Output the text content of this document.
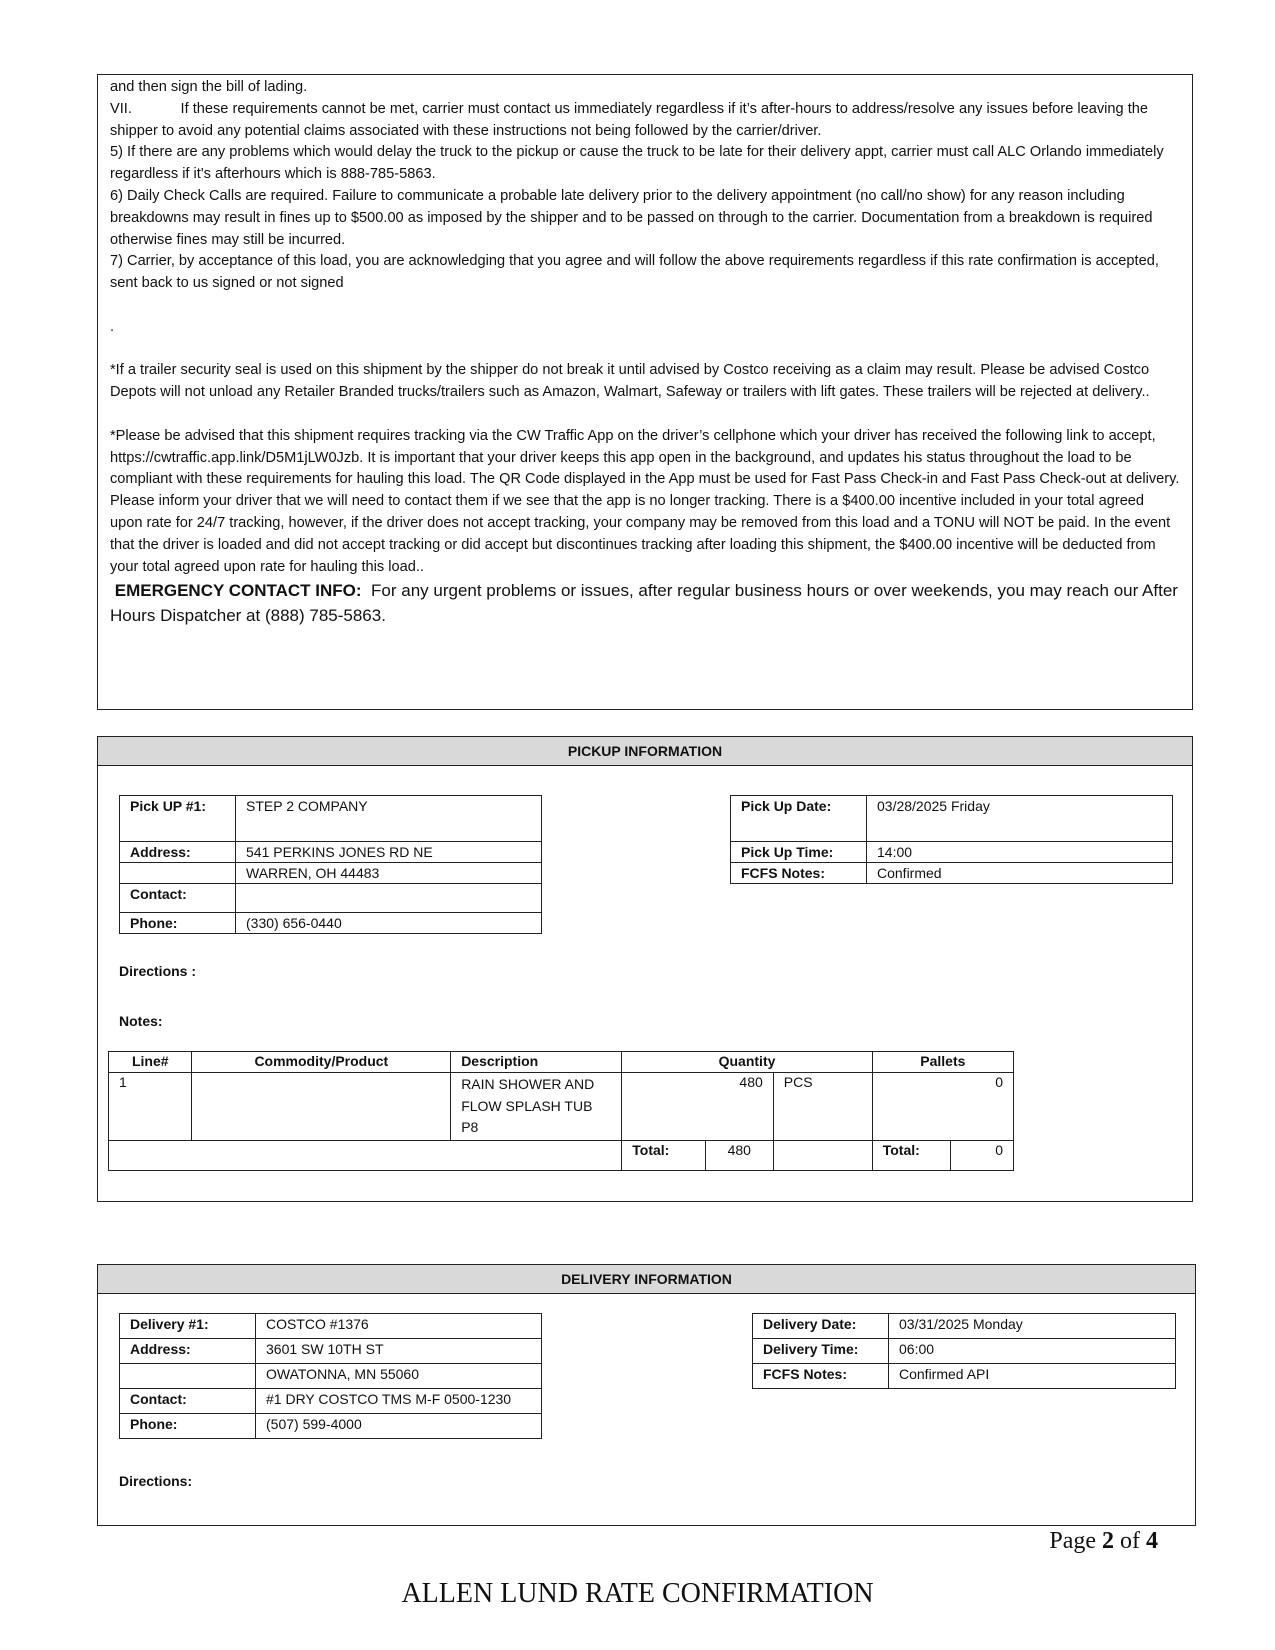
and then sign the bill of lading.

VII.            If these requirements cannot be met, carrier must contact us immediately regardless if it’s after-hours to address/resolve any issues before leaving the shipper to avoid any potential claims associated with these instructions not being followed by the carrier/driver.

5) If there are any problems which would delay the truck to the pickup or cause the truck to be late for their delivery appt, carrier must call ALC Orlando immediately regardless if it's afterhours which is 888-785-5863.

6) Daily Check Calls are required. Failure to communicate a probable late delivery prior to the delivery appointment (no call/no show) for any reason including breakdowns may result in fines up to $500.00 as imposed by the shipper and to be passed on through to the carrier. Documentation from a breakdown is required otherwise fines may still be incurred.

7) Carrier, by acceptance of this load, you are acknowledging that you agree and will follow the above requirements regardless if this rate confirmation is accepted, sent back to us signed or not signed

.

*If a trailer security seal is used on this shipment by the shipper do not break it until advised by Costco receiving as a claim may result. Please be advised Costco Depots will not unload any Retailer Branded trucks/trailers such as Amazon, Walmart, Safeway or trailers with lift gates. These trailers will be rejected at delivery..

*Please be advised that this shipment requires tracking via the CW Traffic App on the driver’s cellphone which your driver has received the following link to accept, https://cwtraffic.app.link/D5M1jLW0Jzb. It is important that your driver keeps this app open in the background, and updates his status throughout the load to be compliant with these requirements for hauling this load. The QR Code displayed in the App must be used for Fast Pass Check-in and Fast Pass Check-out at delivery. Please inform your driver that we will need to contact them if we see that the app is no longer tracking. There is a $400.00 incentive included in your total agreed upon rate for 24/7 tracking, however, if the driver does not accept tracking, your company may be removed from this load and a TONU will NOT be paid. In the event that the driver is loaded and did not accept tracking or did accept but discontinues tracking after loading this shipment, the $400.00 incentive will be deducted from your total agreed upon rate for hauling this load..

EMERGENCY CONTACT INFO: For any urgent problems or issues, after regular business hours or over weekends, you may reach our After Hours Dispatcher at (888) 785-5863.

PICKUP INFORMATION
Pick UP #1:	STEP 2 COMPANY
Address:	541 PERKINS JONES RD NE
	WARREN, OH 44483
Contact:	
Phone:	(330) 656-0440
Pick Up Date:	03/28/2025 Friday
Pick Up Time:	14:00
FCFS Notes:	Confirmed
Directions :
Notes:
Line#	Commodity/Product	Description	Quantity			Pallets	
1		RAIN SHOWER AND
FLOW SPLASH TUB
P8	480		PCS	0	
			Total:	480		Total:	0
DELIVERY INFORMATION
Delivery #1:	COSTCO #1376
Address:	3601 SW 10TH ST
	OWATONNA, MN 55060
Contact:	#1 DRY COSTCO TMS M-F 0500-1230
Phone:	(507) 599-4000
Delivery Date:	03/31/2025 Monday
Delivery Time:	06:00
FCFS Notes:	Confirmed API
Directions:
Page 2 of 4
ALLEN LUND RATE CONFIRMATION
